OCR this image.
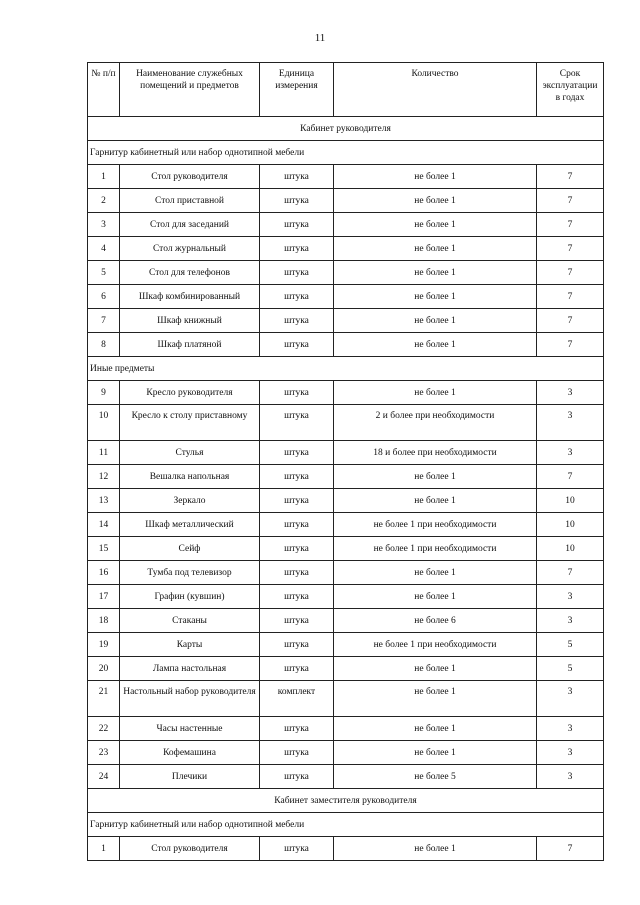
11
№ п/п	Наименование служебных помещений и предметов	Единица измерения	Количество	Срок эксплуатации в годах
Кабинет руководителя				
Гарнитур кабинетный или набор однотипной мебели				
1	Стол руководителя	штука	не более 1	7
2	Стол приставной	штука	не более 1	7
3	Стол для заседаний	штука	не более 1	7
4	Стол журнальный	штука	не более 1	7
5	Стол для телефонов	штука	не более 1	7
6	Шкаф комбинированный	штука	не более 1	7
7	Шкаф книжный	штука	не более 1	7
8	Шкаф платяной	штука	не более 1	7
Иные предметы				
9	Кресло руководителя	штука	не более 1	3
10	Кресло к столу приставному	штука	2 и более при необходимости	3
11	Стулья	штука	18 и более при необходимости	3
12	Вешалка напольная	штука	не более 1	7
13	Зеркало	штука	не более 1	10
14	Шкаф металлический	штука	не более 1 при необходимости	10
15	Сейф	штука	не более 1 при необходимости	10
16	Тумба под телевизор	штука	не более 1	7
17	Графин (кувшин)	штука	не более 1	3
18	Стаканы	штука	не более 6	3
19	Карты	штука	не более 1 при необходимости	5
20	Лампа настольная	штука	не более 1	5
21	Настольный набор руководителя	комплект	не более 1	3
22	Часы настенные	штука	не более 1	3
23	Кофемашина	штука	не более 1	3
24	Плечики	штука	не более 5	3
Кабинет заместителя руководителя				
Гарнитур кабинетный или набор однотипной мебели				
1	Стол руководителя	штука	не более 1	7
